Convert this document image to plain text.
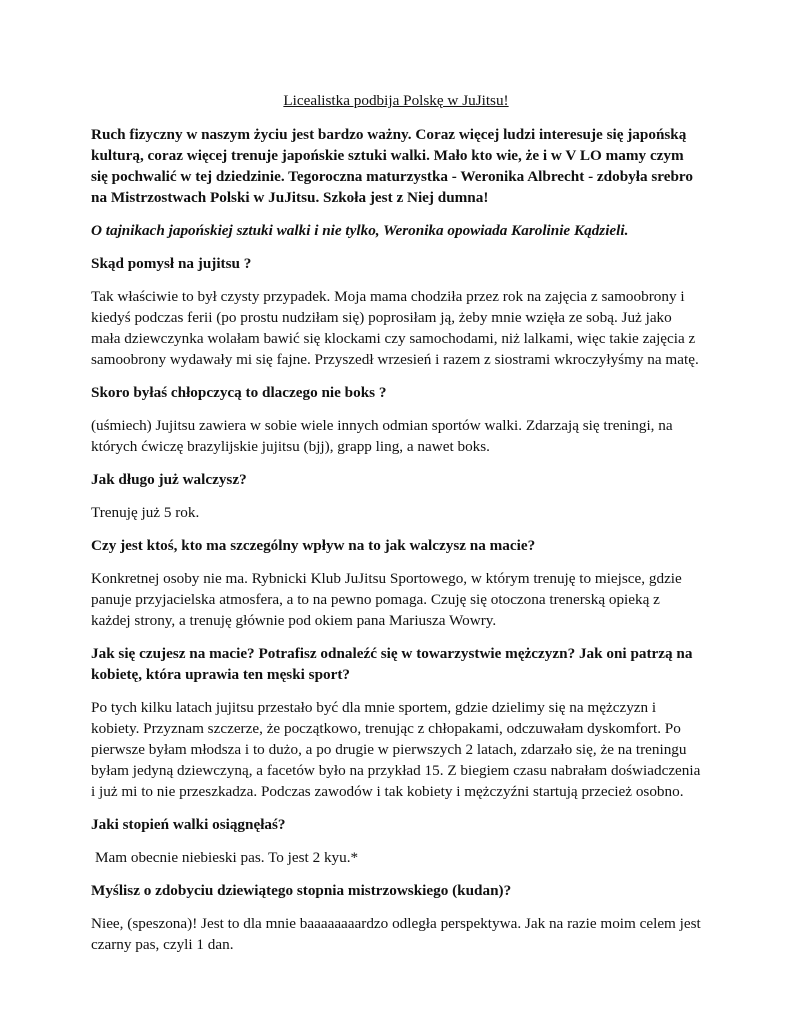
Licealistka podbija Polskę w JuJitsu!

Ruch fizyczny w naszym życiu jest bardzo ważny. Coraz więcej ludzi interesuje się japońską kulturą, coraz więcej trenuje japońskie sztuki walki. Mało kto wie, że i w V LO mamy czym się pochwalić w tej dziedzinie. Tegoroczna maturzystka - Weronika Albrecht - zdobyła srebro na Mistrzostwach Polski w JuJitsu. Szkoła jest z Niej dumna!

O tajnikach japońskiej sztuki walki i nie tylko, Weronika opowiada Karolinie Kądzieli.

Skąd pomysł na jujitsu ?

Tak właściwie to był czysty przypadek. Moja mama chodziła przez rok na zajęcia z samoobrony i kiedyś podczas ferii (po prostu nudziłam się) poprosiłam ją, żeby mnie wzięła ze sobą. Już jako mała dziewczynka wolałam bawić się klockami czy samochodami, niż lalkami, więc takie zajęcia z samoobrony wydawały mi się fajne. Przyszedł wrzesień i razem z siostrami wkroczyłyśmy na matę.

Skoro byłaś chłopczycą to dlaczego nie boks ?

(uśmiech) Jujitsu zawiera w sobie wiele innych odmian sportów walki. Zdarzają się treningi, na których ćwiczę brazylijskie jujitsu (bjj), grapp ling, a nawet boks.

Jak długo już walczysz?

Trenuję już 5 rok.

Czy jest ktoś, kto ma szczególny wpływ na to jak walczysz na macie?

Konkretnej osoby nie ma. Rybnicki Klub JuJitsu Sportowego, w którym trenuję to miejsce, gdzie panuje przyjacielska atmosfera, a to na pewno pomaga. Czuję się otoczona trenerską opieką z każdej strony, a trenuję głównie pod okiem pana Mariusza Wowry.

Jak się czujesz na macie? Potrafisz odnaleźć się w towarzystwie mężczyzn? Jak oni patrzą na kobietę, która uprawia ten męski sport?

Po tych kilku latach jujitsu przestało być dla mnie sportem, gdzie dzielimy się na mężczyzn i kobiety. Przyznam szczerze, że początkowo, trenując z chłopakami, odczuwałam dyskomfort. Po pierwsze byłam młodsza i to dużo, a po drugie w pierwszych 2 latach, zdarzało się, że na treningu byłam jedyną dziewczyną, a facetów było na przykład 15. Z biegiem czasu nabrałam doświadczenia i już mi to nie przeszkadza. Podczas zawodów i tak kobiety i mężczyźni startują przecież osobno.

Jaki stopień walki osiągnęłaś?

Mam obecnie niebieski pas. To jest 2 kyu.*

Myślisz o zdobyciu dziewiątego stopnia mistrzowskiego (kudan)?

Niee, (speszona)! Jest to dla mnie baaaaaaaardzo odległa perspektywa. Jak na razie moim celem jest czarny pas, czyli 1 dan.
